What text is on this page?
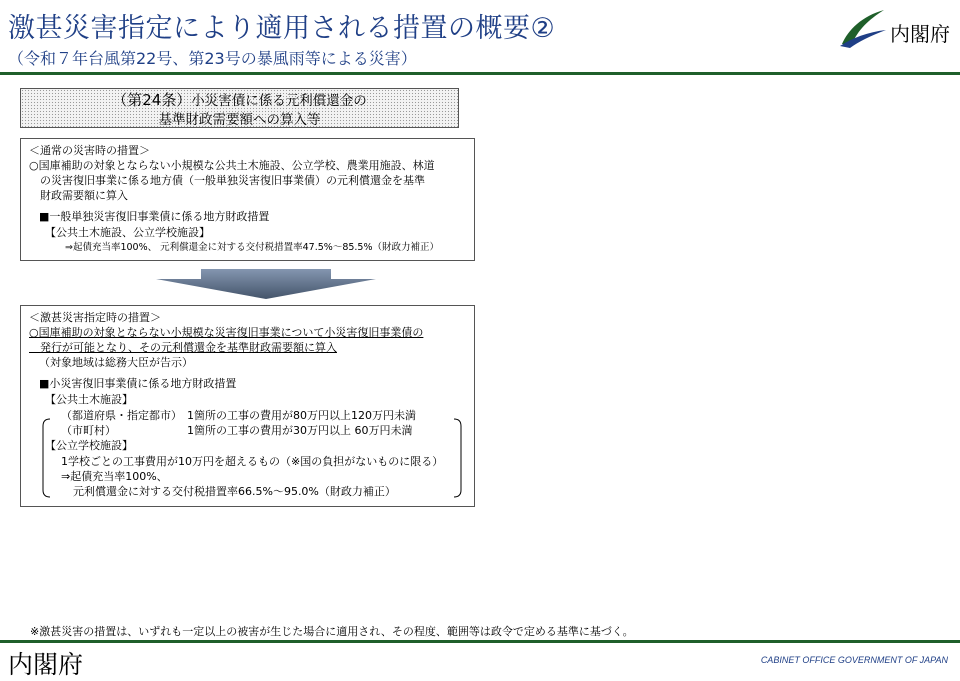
激甚災害指定により適用される措置の概要②
（令和７年台風第22号、第23号の暴風雨等による災害）
内閣府
（第24条）小災害債に係る元利償還金の
基準財政需要額への算入等
＜通常の災害時の措置＞
○国庫補助の対象とならない小規模な公共土木施設、公立学校、農業用施設、林道
　の災害復旧事業に係る地方債（一般単独災害復旧事業債）の元利償還金を基準
　財政需要額に算入
■一般単独災害復旧事業債に係る地方財政措置
【公共土木施設、公立学校施設】
⇒起債充当率100%、 元利償還金に対する交付税措置率47.5%～85.5%（財政力補正）
＜激甚災害指定時の措置＞
○国庫補助の対象とならない小規模な災害復旧事業について小災害復旧事業債の
　発行が可能となり、その元利償還金を基準財政需要額に算入
（対象地域は総務大臣が告示）
■小災害復旧事業債に係る地方財政措置
【公共土木施設】
（都道府県・指定都市） 1箇所の工事の費用が80万円以上120万円未満
（市町村）	1箇所の工事の費用が30万円以上 60万円未満
【公立学校施設】
1学校ごとの工事費用が10万円を超えるもの（※国の負担がないものに限る）
⇒起債充当率100%、
元利償還金に対する交付税措置率66.5%～95.0%（財政力補正）
※激甚災害の措置は、いずれも一定以上の被害が生じた場合に適用され、その程度、範囲等は政令で定める基準に基づく。
内閣府	CABINET OFFICE GOVERNMENT OF JAPAN
